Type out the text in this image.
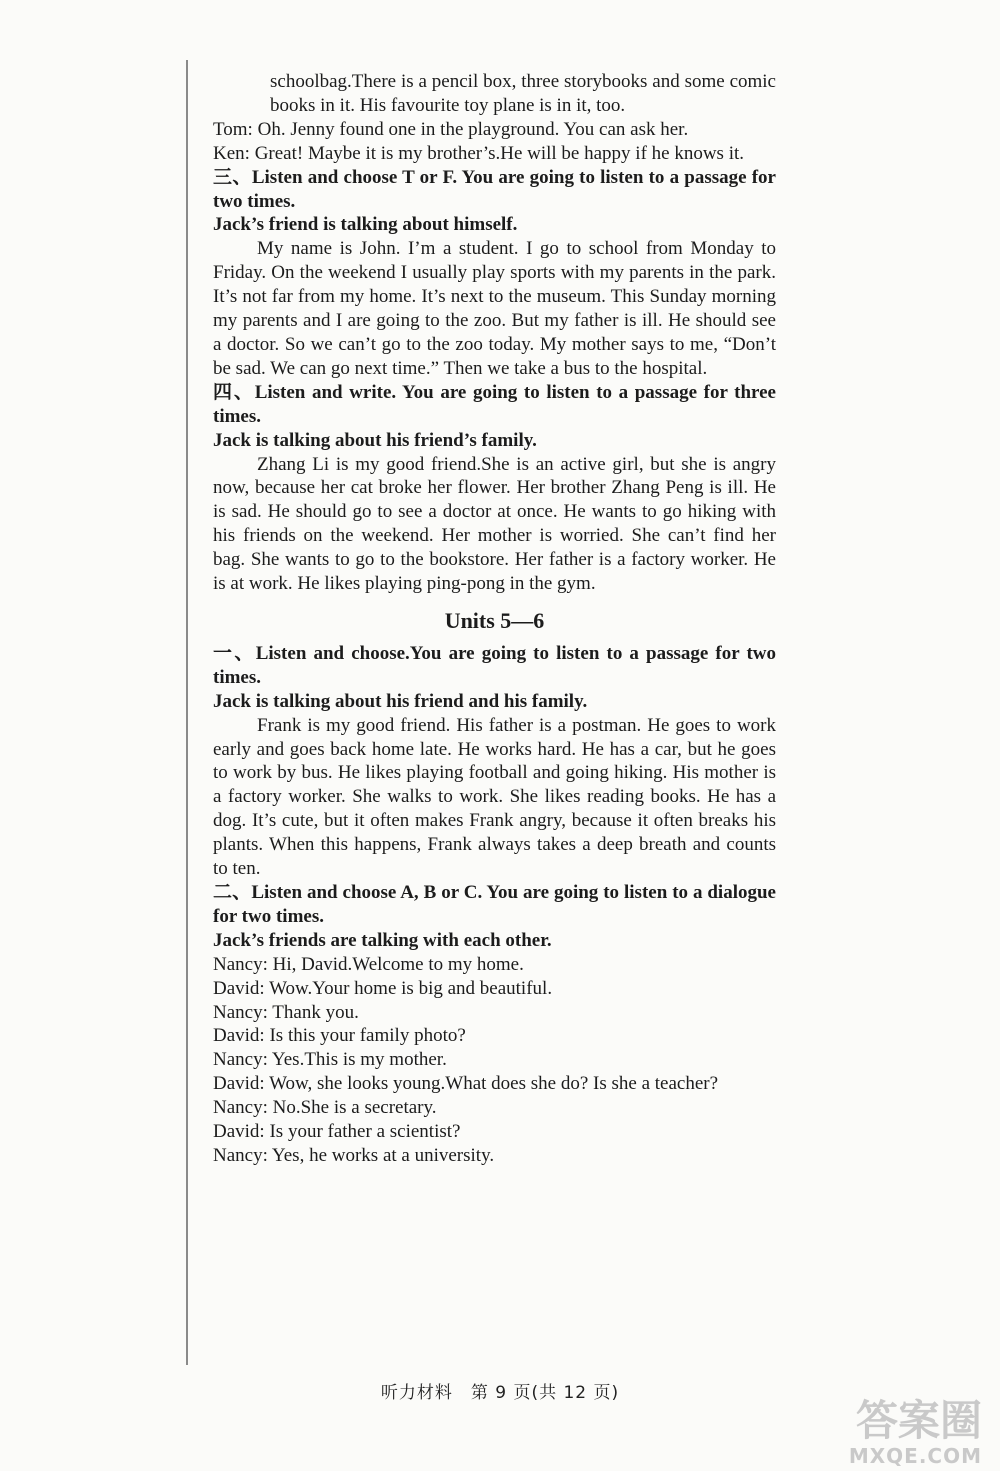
schoolbag.There is a pencil box, three storybooks and some comic books in it. His favourite toy plane is in it, too.

Tom: Oh. Jenny found one in the playground. You can ask her.

Ken: Great! Maybe it is my brother’s.He will be happy if he knows it.

三、Listen and choose T or F. You are going to listen to a passage for two times.

Jack’s friend is talking about himself.

My name is John. I’m a student. I go to school from Monday to Friday. On the weekend I usually play sports with my parents in the park. It’s not far from my home. It’s next to the museum. This Sunday morning my parents and I are going to the zoo. But my father is ill. He should see a doctor. So we can’t go to the zoo today. My mother says to me, “Don’t be sad. We can go next time.” Then we take a bus to the hospital.

四、Listen and write. You are going to listen to a passage for three times.

Jack is talking about his friend’s family.

Zhang Li is my good friend.She is an active girl, but she is angry now, because her cat broke her flower. Her brother Zhang Peng is ill. He is sad. He should go to see a doctor at once. He wants to go hiking with his friends on the weekend. Her mother is worried. She can’t find her bag. She wants to go to the bookstore. Her father is a factory worker. He is at work. He likes playing ping-pong in the gym.

Units 5—6

一、Listen and choose.You are going to listen to a passage for two times.

Jack is talking about his friend and his family.

Frank is my good friend. His father is a postman. He goes to work early and goes back home late. He works hard. He has a car, but he goes to work by bus. He likes playing football and going hiking. His mother is a factory worker. She walks to work. She likes reading books. He has a dog. It’s cute, but it often makes Frank angry, because it often breaks his plants. When this happens, Frank always takes a deep breath and counts to ten.

二、Listen and choose A, B or C. You are going to listen to a dialogue for two times.

Jack’s friends are talking with each other.

Nancy: Hi, David.Welcome to my home.

David: Wow.Your home is big and beautiful.

Nancy: Thank you.

David: Is this your family photo?

Nancy: Yes.This is my mother.

David: Wow, she looks young.What does she do? Is she a teacher?

Nancy: No.She is a secretary.

David: Is your father a scientist?

Nancy: Yes, he works at a university.

听力材料　第 9 页(共 12 页)
答案圈
MXQE.COM
